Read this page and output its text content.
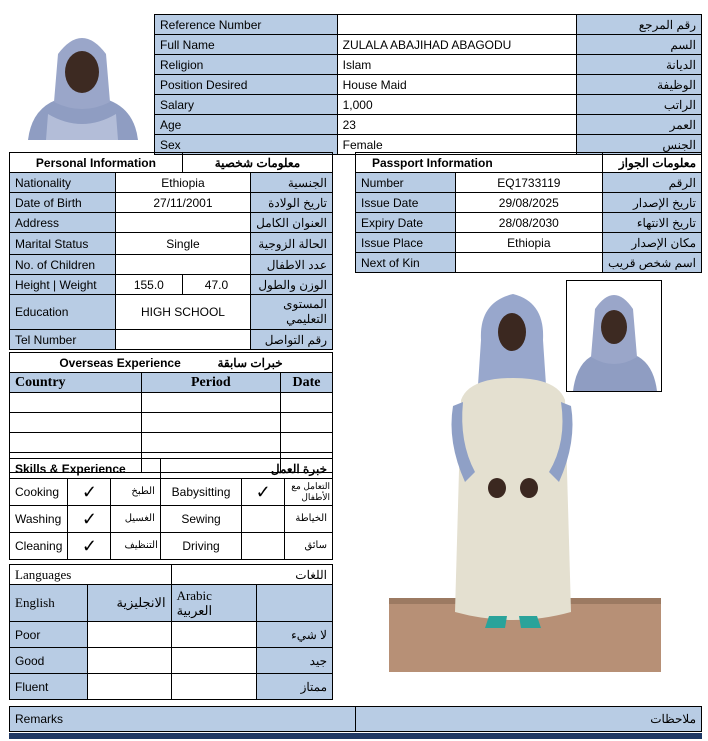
Reference Number		رقم المرجع
Full Name	ZULALA ABAJIHAD ABAGODU	السم
Religion	Islam	الديانة
Position Desired	House Maid	الوظيفة
Salary	1,000	الراتب
Age	23	العمر
Sex	Female	الجنس
Personal Information		معلومات شخصية	
Nationality	Ethiopia		الجنسية
Date of Birth	27/11/2001		تاريخ الولادة
Address			العنوان الكامل
Marital Status	Single		الحالة الزوجية
No. of Children			عدد الاطفال
Height | Weight	155.0	47.0	الوزن والطول
Education	HIGH SCHOOL		المستوى
التعليمي

Tel Number			رقم التواصل
Overseas Experience خبرات سابقة		
Country	Period	Date

Skills & Experience			خبرة العمل		
Cooking	✓	الطبخ	Babysitting	✓	التعامل مع
الأطفال

Washing	✓	الغسيل	Sewing		الخياطة
Cleaning	✓	التنظيف	Driving		سائق
Languages		اللغات	
English	الانجليزية	Arabic
العربية	

Poor			لا شيء
Good			جيد
Fluent			ممتاز
Passport Information		معلومات الجواز
Number	EQ1733119	الرقم
Issue Date	29/08/2025	تاريخ الإصدار
Expiry Date	28/08/2030	تاريخ الانتهاء
Issue Place	Ethiopia	مكان الإصدار
Next of Kin		اسم شخص قريب
Remarks	ملاحظات
